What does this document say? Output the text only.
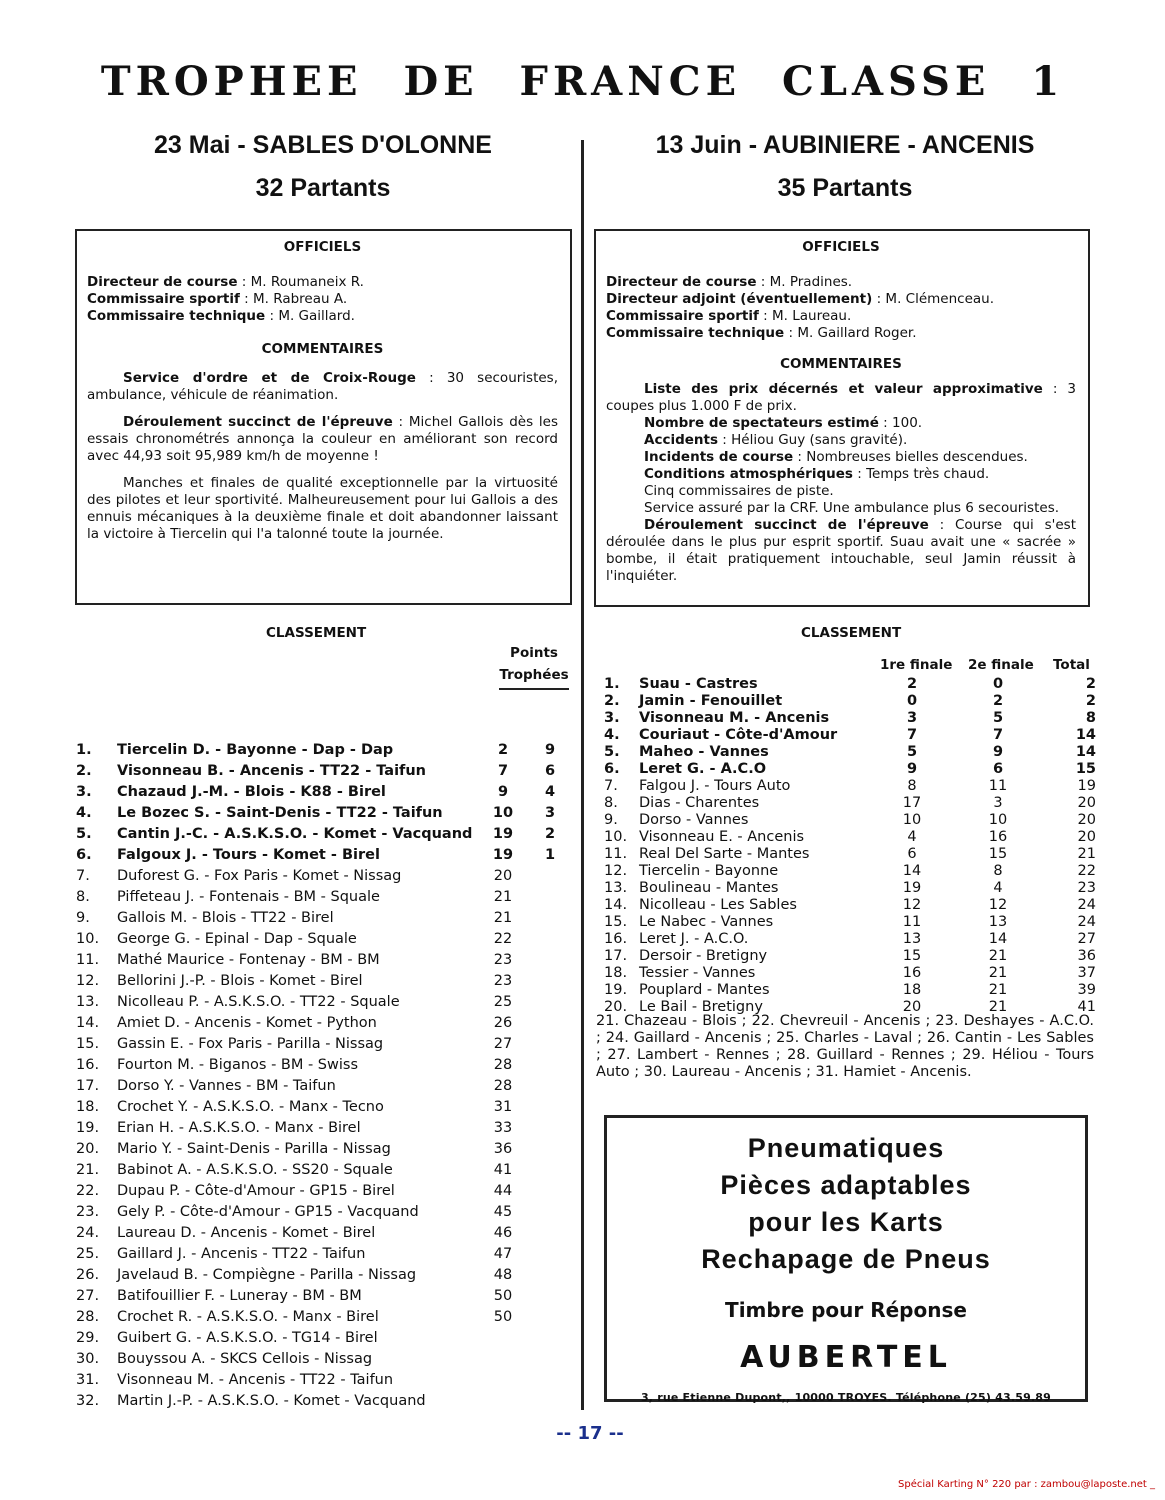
TROPHEE DE FRANCE CLASSE 1
23 Mai - SABLES D'OLONNE
32 Partants
13 Juin - AUBINIERE - ANCENIS
35 Partants
OFFICIELS
Directeur de course : M. Roumaneix R.
Commissaire sportif : M. Rabreau A.
Commissaire technique : M. Gaillard.
COMMENTAIRES
Service d'ordre et de Croix-Rouge : 30 secouristes, ambulance, véhicule de réanimation.
Déroulement succinct de l'épreuve : Michel Gallois dès les essais chronométrés annonça la couleur en améliorant son record avec 44,93 soit 95,989 km/h de moyenne !
Manches et finales de qualité exceptionnelle par la virtuosité des pilotes et leur sportivité. Malheureusement pour lui Gallois a des ennuis mécaniques à la deuxième finale et doit abandonner laissant la victoire à Tiercelin qui l'a talonné toute la journée.
OFFICIELS
Directeur de course : M. Pradines.
Directeur adjoint (éventuellement) : M. Clémenceau.
Commissaire sportif : M. Laureau.
Commissaire technique : M. Gaillard Roger.
COMMENTAIRES
Liste des prix décernés et valeur approximative : 3 coupes plus 1.000 F de prix.
Nombre de spectateurs estimé : 100.
Accidents : Héliou Guy (sans gravité).
Incidents de course : Nombreuses bielles descendues.
Conditions atmosphériques : Temps très chaud.
Cinq commissaires de piste.
Service assuré par la CRF. Une ambulance plus 6 secouristes.
Déroulement succinct de l'épreuve : Course qui s'est déroulée dans le plus pur esprit sportif. Suau avait une « sacrée » bombe, il était pratiquement intouchable, seul Jamin réussit à l'inquiéter.
CLASSEMENT
Points
Trophées
1. Tiercelin D. - Bayonne - Dap - Dap	2	9
2. Visonneau B. - Ancenis - TT22 - Taifun	7	6
3. Chazaud J.-M. - Blois - K88 - Birel	9	4
4. Le Bozec S. - Saint-Denis - TT22 - Taifun	10	3
5. Cantin J.-C. - A.S.K.S.O. - Komet - Vacquand	19	2
6. Falgoux J. - Tours - Komet - Birel	19	1
7. Duforest G. - Fox Paris - Komet - Nissag	20
8. Piffeteau J. - Fontenais - BM - Squale	21
9. Gallois M. - Blois - TT22 - Birel	21
10. George G. - Epinal - Dap - Squale	22
11. Mathé Maurice - Fontenay - BM - BM	23
12. Bellorini J.-P. - Blois - Komet - Birel	23
13. Nicolleau P. - A.S.K.S.O. - TT22 - Squale	25
14. Amiet D. - Ancenis - Komet - Python	26
15. Gassin E. - Fox Paris - Parilla - Nissag	27
16. Fourton M. - Biganos - BM - Swiss	28
17. Dorso Y. - Vannes - BM - Taifun	28
18. Crochet Y. - A.S.K.S.O. - Manx - Tecno	31
19. Erian H. - A.S.K.S.O. - Manx - Birel	33
20. Mario Y. - Saint-Denis - Parilla - Nissag	36
21. Babinot A. - A.S.K.S.O. - SS20 - Squale	41
22. Dupau P. - Côte-d'Amour - GP15 - Birel	44
23. Gely P. - Côte-d'Amour - GP15 - Vacquand	45
24. Laureau D. - Ancenis - Komet - Birel	46
25. Gaillard J. - Ancenis - TT22 - Taifun	47
26. Javelaud B. - Compiègne - Parilla - Nissag	48
27. Batifouillier F. - Luneray - BM - BM	50
28. Crochet R. - A.S.K.S.O. - Manx - Birel	50
29. Guibert G. - A.S.K.S.O. - TG14 - Birel
30. Bouyssou A. - SKCS Cellois - Nissag
31. Visonneau M. - Ancenis - TT22 - Taifun
32. Martin J.-P. - A.S.K.S.O. - Komet - Vacquand
CLASSEMENT
1re finale 2e finale Total
1. Suau - Castres	2	0	2
2. Jamin - Fenouillet	0	2	2
3. Visonneau M. - Ancenis	3	5	8
4. Couriaut - Côte-d'Amour	7	7	14
5. Maheo - Vannes	5	9	14
6. Leret G. - A.C.O	9	6	15
7. Falgou J. - Tours Auto	8	11	19
8. Dias - Charentes	17	3	20
9. Dorso - Vannes	10	10	20
10. Visonneau E. - Ancenis	4	16	20
11. Real Del Sarte - Mantes	6	15	21
12. Tiercelin - Bayonne	14	8	22
13. Boulineau - Mantes	19	4	23
14. Nicolleau - Les Sables	12	12	24
15. Le Nabec - Vannes	11	13	24
16. Leret J. - A.C.O.	13	14	27
17. Dersoir - Bretigny	15	21	36
18. Tessier - Vannes	16	21	37
19. Pouplard - Mantes	18	21	39
20. Le Bail - Bretigny	20	21	41
21. Chazeau - Blois ; 22. Chevreuil - Ancenis ; 23. Deshayes - A.C.O. ; 24. Gaillard - Ancenis ; 25. Charles - Laval ; 26. Cantin - Les Sables ; 27. Lambert - Rennes ; 28. Guillard - Rennes ; 29. Héliou - Tours Auto ; 30. Laureau - Ancenis ; 31. Hamiet - Ancenis.
Pneumatiques
Pièces adaptables
pour les Karts
Rechapage de Pneus
Timbre pour Réponse
AUBERTEL
3, rue Etienne Dupont,, 10000 TROYES. Téléphone (25) 43.59.89
-- 17 --
Spécial Karting N° 220 par : zambou@laposte.net _
